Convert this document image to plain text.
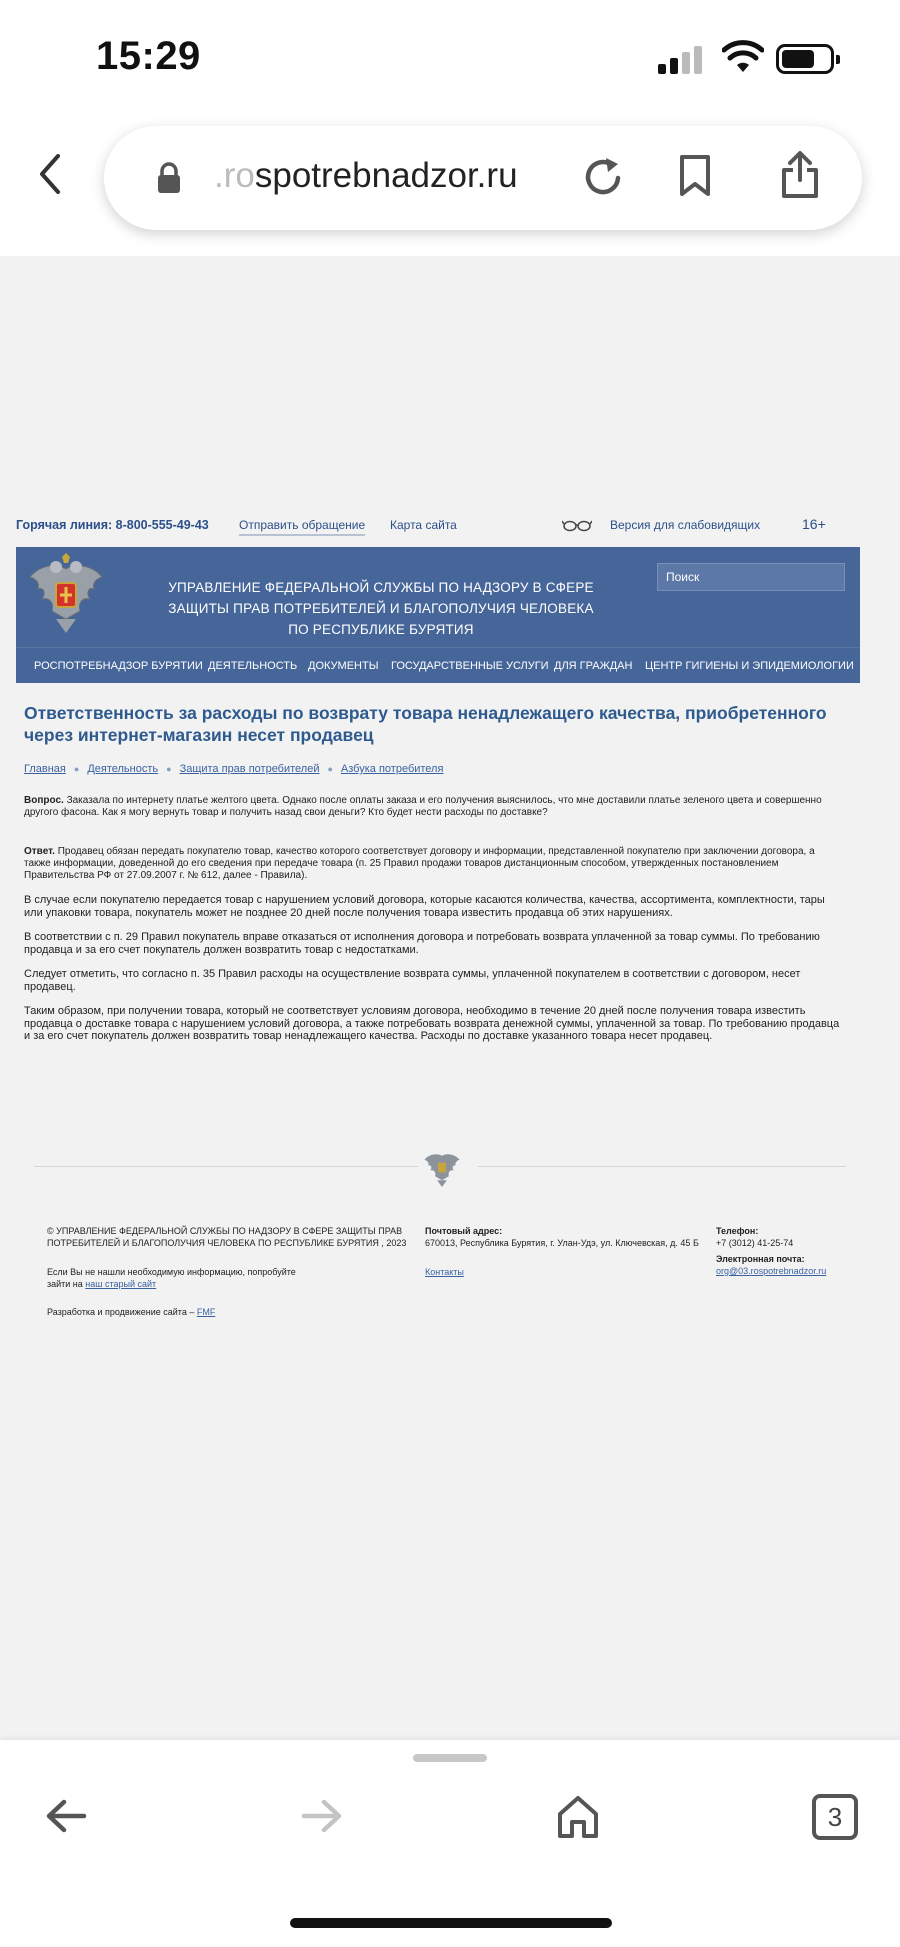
15:29
.rospotrebnadzor.ru
Горячая линия: 8-800-555-49-43	Отправить обращение Карта сайта	Версия для слабовидящих	16+
УПРАВЛЕНИЕ ФЕДЕРАЛЬНОЙ СЛУЖБЫ ПО НАДЗОРУ В СФЕРЕ
ЗАЩИТЫ ПРАВ ПОТРЕБИТЕЛЕЙ И БЛАГОПОЛУЧИЯ ЧЕЛОВЕКА
ПО РЕСПУБЛИКЕ БУРЯТИЯ
Поиск
РОСПОТРЕБНАДЗОР БУРЯТИИ ДЕЯТЕЛЬНОСТЬ ДОКУМЕНТЫ ГОСУДАРСТВЕННЫЕ УСЛУГИ ДЛЯ ГРАЖДАН ЦЕНТР ГИГИЕНЫ И ЭПИДЕМИОЛОГИИ
Ответственность за расходы по возврату товара ненадлежащего качества, приобретенного через интернет-магазин несет продавец
Главная ● Деятельность ● Защита прав потребителей ● Азбука потребителя
Вопрос. Заказала по интернету платье желтого цвета. Однако после оплаты заказа и его получения выяснилось, что мне доставили платье зеленого цвета и совершенно другого фасона. Как я могу вернуть товар и получить назад свои деньги? Кто будет нести расходы по доставке?
Ответ. Продавец обязан передать покупателю товар, качество которого соответствует договору и информации, представленной покупателю при заключении договора, а также информации, доведенной до его сведения при передаче товара (п. 25 Правил продажи товаров дистанционным способом, утвержденных постановлением Правительства РФ от 27.09.2007 г. № 612, далее - Правила).
В случае если покупателю передается товар с нарушением условий договора, которые касаются количества, качества, ассортимента, комплектности, тары или упаковки товара, покупатель может не позднее 20 дней после получения товара известить продавца об этих нарушениях.
В соответствии с п. 29 Правил покупатель вправе отказаться от исполнения договора и потребовать возврата уплаченной за товар суммы. По требованию продавца и за его счет покупатель должен возвратить товар с недостатками.
Следует отметить, что согласно п. 35 Правил расходы на осуществление возврата суммы, уплаченной покупателем в соответствии с договором, несет продавец.
Таким образом, при получении товара, который не соответствует условиям договора, необходимо в течение 20 дней после получения товара известить продавца о доставке товара с нарушением условий договора, а также потребовать возврата денежной суммы, уплаченной за товар. По требованию продавца и за его счет покупатель должен возвратить товар ненадлежащего качества. Расходы по доставке указанного товара несет продавец.
© УПРАВЛЕНИЕ ФЕДЕРАЛЬНОЙ СЛУЖБЫ ПО НАДЗОРУ В СФЕРЕ ЗАЩИТЫ ПРАВ
ПОТРЕБИТЕЛЕЙ И БЛАГОПОЛУЧИЯ ЧЕЛОВЕКА ПО РЕСПУБЛИКЕ БУРЯТИЯ , 2023
Если Вы не нашли необходимую информацию, попробуйте
зайти на наш старый сайт
Разработка и продвижение сайта – FMF
Почтовый адрес:
670013, Республика Бурятия, г. Улан-Удэ, ул. Ключевская, д. 45 Б
Контакты
Телефон:
+7 (3012) 41-25-74
Электронная почта:
org@03.rospotrebnadzor.ru
3
